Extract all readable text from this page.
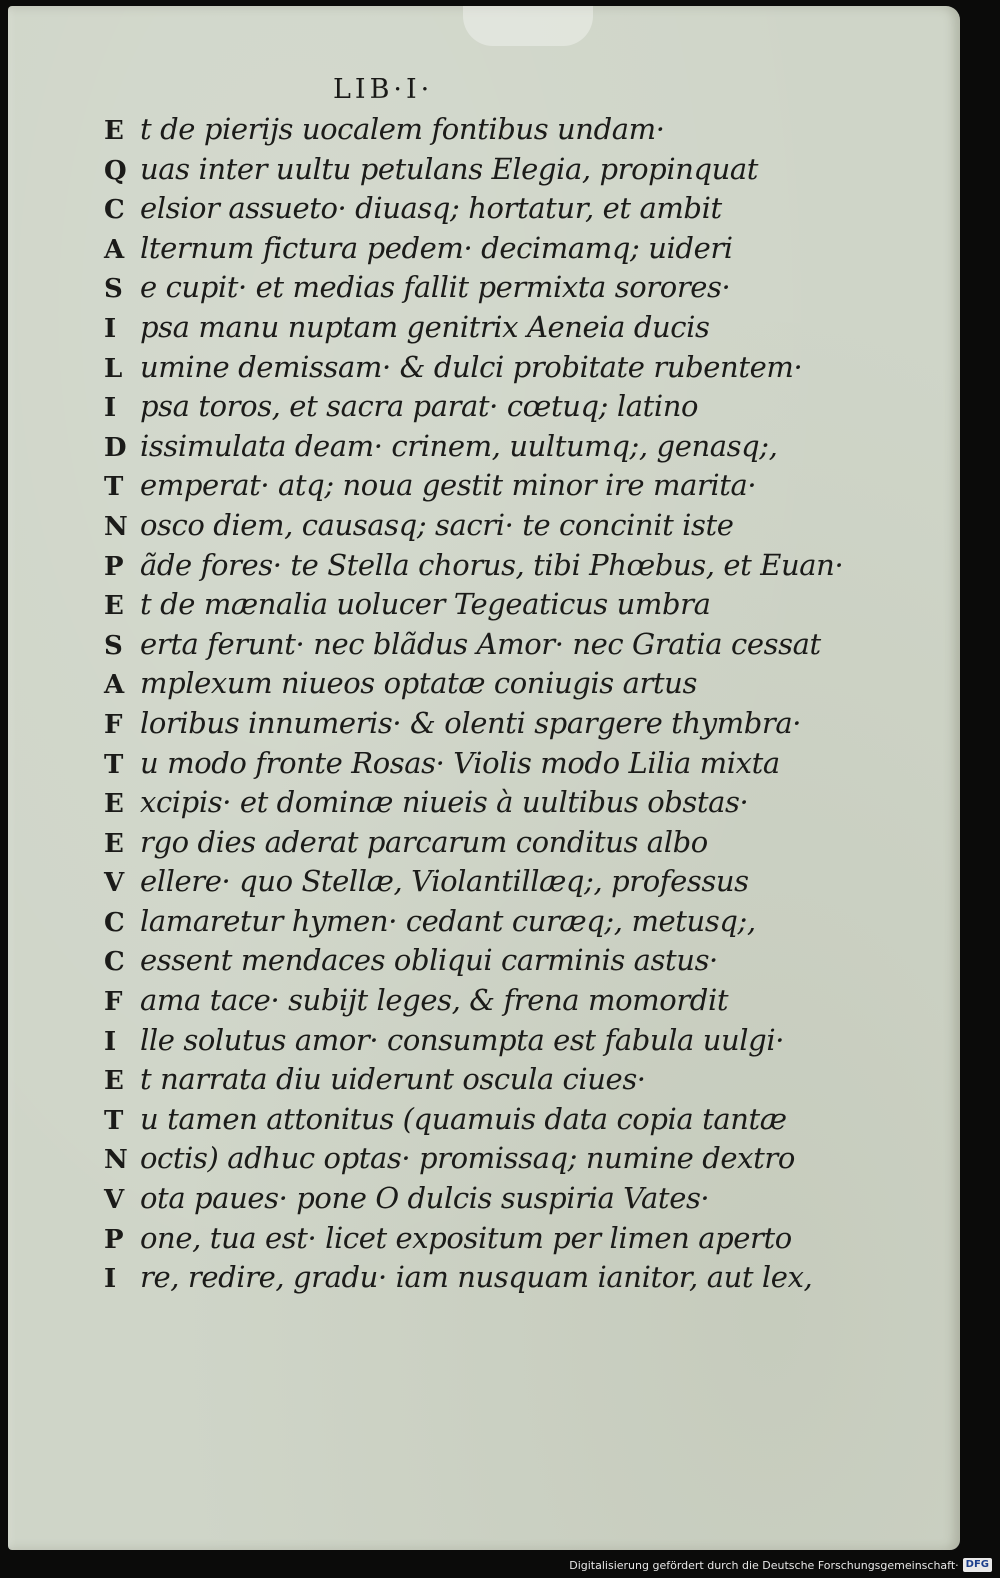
LIB·I·
E t de pierijs uocalem fontibus undam·
Q uas inter uultu petulans Elegia, propinquat
C elsior assueto· diuasq; hortatur, et ambit
A lternum fictura pedem· decimamq; uideri
S e cupit· et medias fallit permixta sorores·
I psa manu nuptam genitrix Aeneia ducis
L umine demissam· & dulci probitate rubentem·
I psa toros, et sacra parat· cœtuq; latino
D issimulata deam· crinem, uultumq;, genasq;,
T emperat· atq; noua gestit minor ire marita·
N osco diem, causasq; sacri· te concinit iste
P ãde fores· te Stella chorus, tibi Phœbus, et Euan·
E t de mænalia uolucer Tegeaticus umbra
S erta ferunt· nec blãdus Amor· nec Gratia cessat
A mplexum niueos optatæ coniugis artus
F loribus innumeris· & olenti spargere thymbra·
T u modo fronte Rosas· Violis modo Lilia mixta
E xcipis· et dominæ niueis à uultibus obstas·
E rgo dies aderat parcarum conditus albo
V ellere· quo Stellæ, Violantillæq;, professus
C lamaretur hymen· cedant curæq;, metusq;,
C essent mendaces obliqui carminis astus·
F ama tace· subijt leges, & frena momordit
I lle solutus amor· consumpta est fabula uulgi·
E t narrata diu uiderunt oscula ciues·
T u tamen attonitus (quamuis data copia tantæ
N octis) adhuc optas· promissaq; numine dextro
V ota paues· pone O dulcis suspiria Vates·
P one, tua est· licet expositum per limen aperto
I re, redire, gradu· iam nusquam ianitor, aut lex,
Digitalisierung gefördert durch die Deutsche Forschungsgemeinschaft· DFG
